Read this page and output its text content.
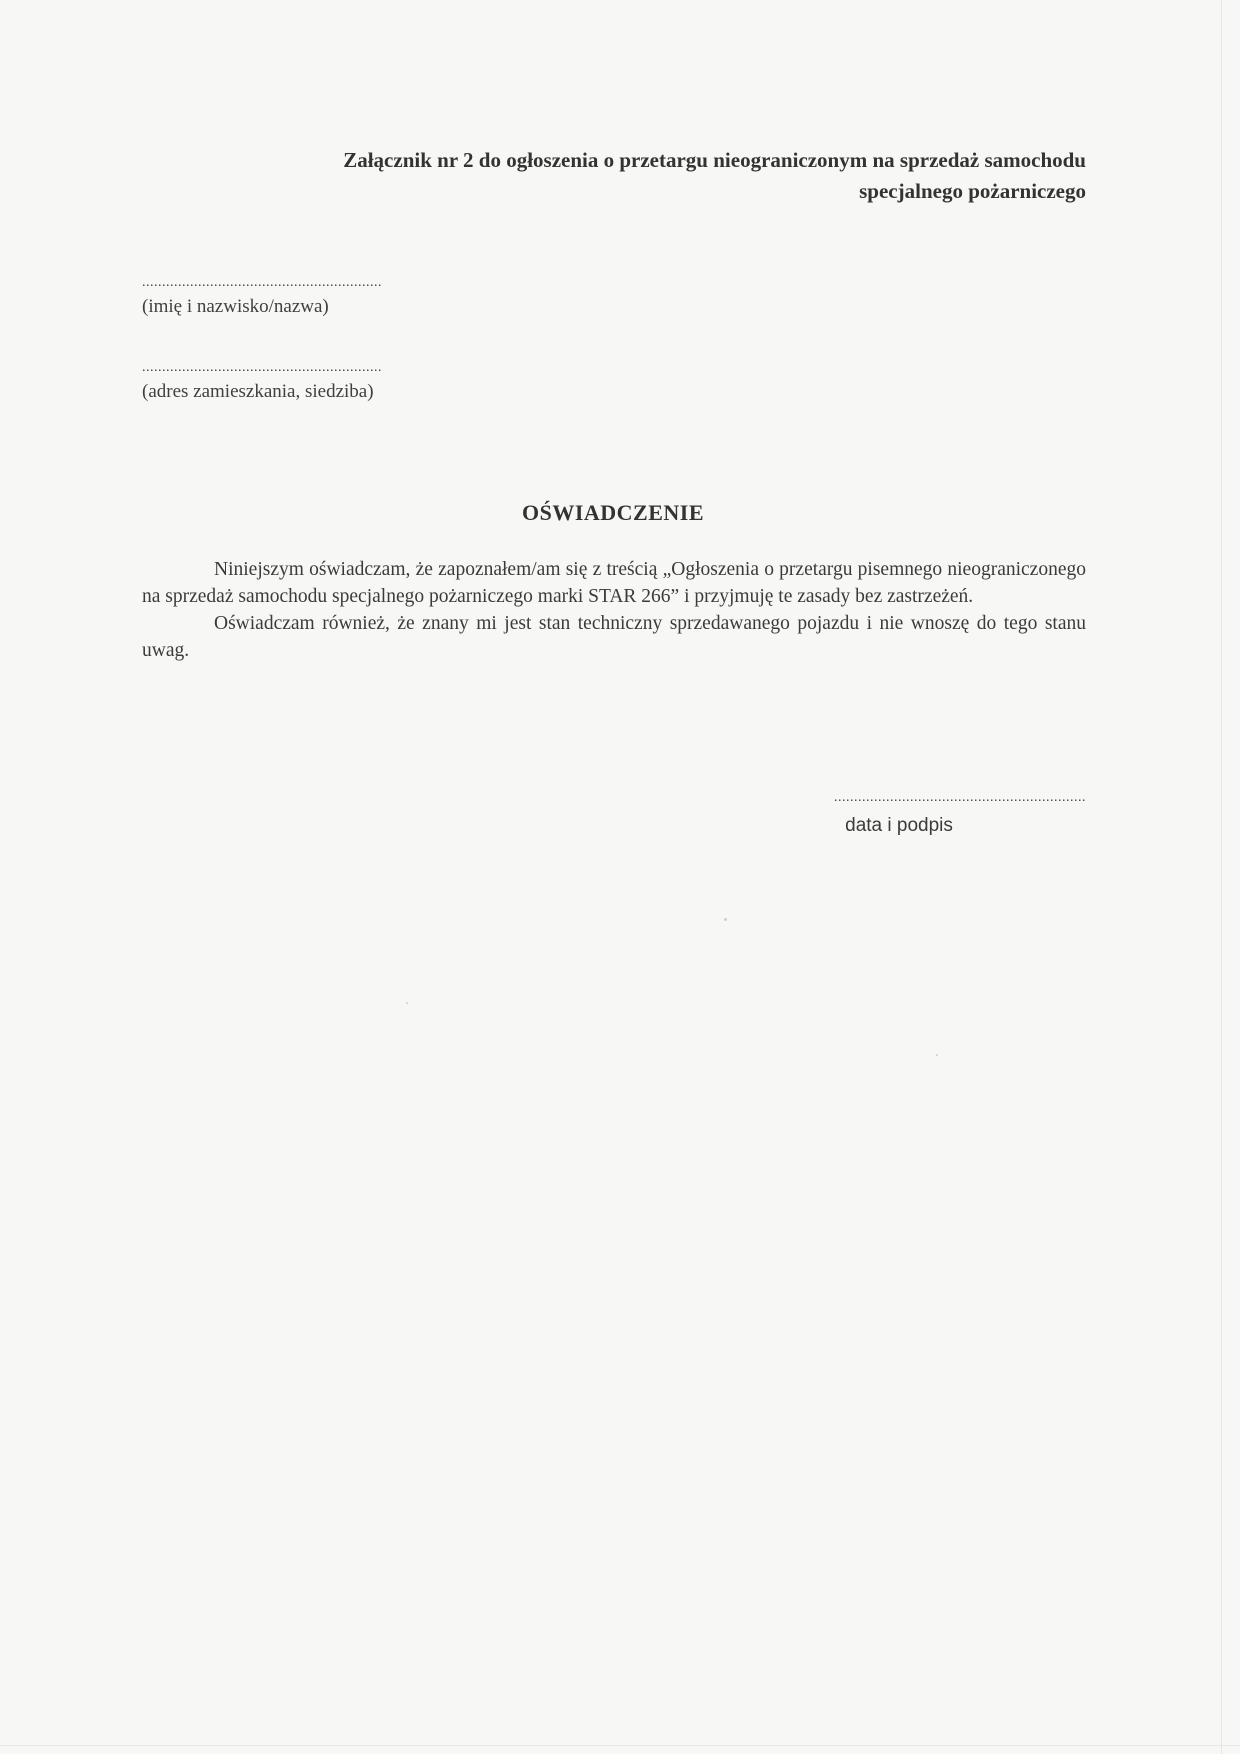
Załącznik nr 2 do ogłoszenia o przetargu nieograniczonym na sprzedaż samochodu
specjalnego pożarniczego
............................................................
(imię i nazwisko/nazwa)
............................................................
(adres zamieszkania, siedziba)
OŚWIADCZENIE

Niniejszym oświadczam, że zapoznałem/am się z treścią „Ogłoszenia o przetargu pisemnego nieograniczonego na sprzedaż samochodu specjalnego pożarniczego marki STAR 266” i przyjmuję te zasady bez zastrzeżeń.

Oświadczam również, że znany mi jest stan techniczny sprzedawanego pojazdu i nie wnoszę do tego stanu uwag.

...............................................................
data i podpis
